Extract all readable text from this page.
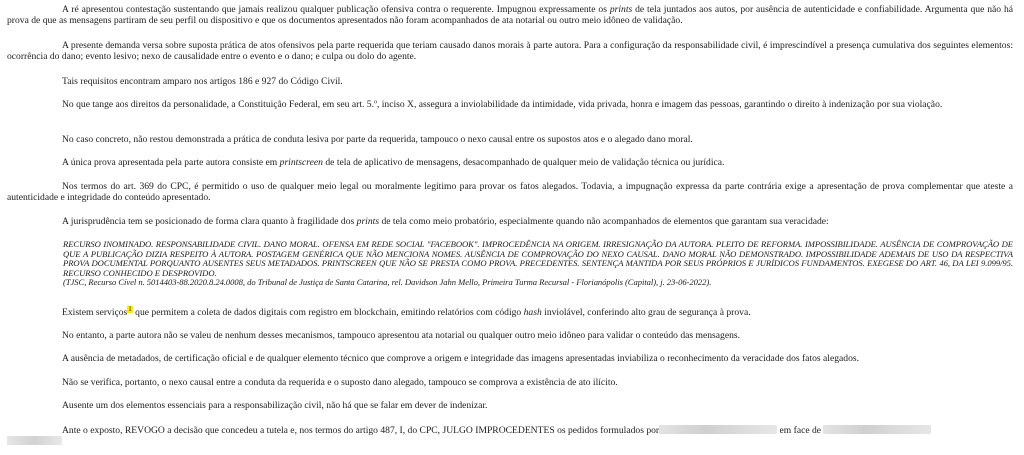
A ré apresentou contestação sustentando que jamais realizou qualquer publicação ofensiva contra o requerente. Impugnou expressamente os prints de tela juntados aos autos, por ausência de autenticidade e confiabilidade. Argumenta que não há prova de que as mensagens partiram de seu perfil ou dispositivo e que os documentos apresentados não foram acompanhados de ata notarial ou outro meio idôneo de validação.

A presente demanda versa sobre suposta prática de atos ofensivos pela parte requerida que teriam causado danos morais à parte autora. Para a configuração da responsabilidade civil, é imprescindível a presença cumulativa dos seguintes elementos: ocorrência do dano; evento lesivo; nexo de causalidade entre o evento e o dano; e culpa ou dolo do agente.

Tais requisitos encontram amparo nos artigos 186 e 927 do Código Civil.

No que tange aos direitos da personalidade, a Constituição Federal, em seu art. 5.º, inciso X, assegura a inviolabilidade da intimidade, vida privada, honra e imagem das pessoas, garantindo o direito à indenização por sua violação.

No caso concreto, não restou demonstrada a prática de conduta lesiva por parte da requerida, tampouco o nexo causal entre os supostos atos e o alegado dano moral.

A única prova apresentada pela parte autora consiste em printscreen de tela de aplicativo de mensagens, desacompanhado de qualquer meio de validação técnica ou jurídica.

Nos termos do art. 369 do CPC, é permitido o uso de qualquer meio legal ou moralmente legítimo para provar os fatos alegados. Todavia, a impugnação expressa da parte contrária exige a apresentação de prova complementar que ateste a autenticidade e integridade do conteúdo apresentado.

A jurisprudência tem se posicionado de forma clara quanto à fragilidade dos prints de tela como meio probatório, especialmente quando não acompanhados de elementos que garantam sua veracidade:

RECURSO INOMINADO. RESPONSABILIDADE CIVIL. DANO MORAL. OFENSA EM REDE SOCIAL "FACEBOOK". IMPROCEDÊNCIA NA ORIGEM. IRRESIGNAÇÃO DA AUTORA. PLEITO DE REFORMA. IMPOSSIBILIDADE. AUSÊNCIA DE COMPROVAÇÃO DE QUE A PUBLICAÇÃO DIZIA RESPEITO À AUTORA. POSTAGEM GENÉRICA QUE NÃO MENCIONA NOMES. AUSÊNCIA DE COMPROVAÇÃO DO NEXO CAUSAL. DANO MORAL NÃO DEMONSTRADO. IMPOSSIBILIDADE ADEMAIS DE USO DA RESPECTIVA PROVA DOCUMENTAL PORQUANTO AUSENTES SEUS METADADOS. PRINTSCREEN QUE NÃO SE PRESTA COMO PROVA. PRECEDENTES. SENTENÇA MANTIDA POR SEUS PRÓPRIOS E JURÍDICOS FUNDAMENTOS. EXEGESE DO ART. 46, DA LEI 9.099/95. RECURSO CONHECIDO E DESPROVIDO.
(TJSC, Recurso Cível n. 5014403-88.2020.8.24.0008, do Tribunal de Justiça de Santa Catarina, rel. Davidson Jahn Mello, Primeira Turma Recursal - Florianópolis (Capital), j. 23-06-2022).

Existem serviços1 que permitem a coleta de dados digitais com registro em blockchain, emitindo relatórios com código hash inviolável, conferindo alto grau de segurança à prova.

No entanto, a parte autora não se valeu de nenhum desses mecanismos, tampouco apresentou ata notarial ou qualquer outro meio idôneo para validar o conteúdo das mensagens.

A ausência de metadados, de certificação oficial e de qualquer elemento técnico que comprove a origem e integridade das imagens apresentadas inviabiliza o reconhecimento da veracidade dos fatos alegados.

Não se verifica, portanto, o nexo causal entre a conduta da requerida e o suposto dano alegado, tampouco se comprova a existência de ato ilícito.

Ausente um dos elementos essenciais para a responsabilização civil, não há que se falar em dever de indenizar.

Ante o exposto, REVOGO a decisão que concedeu a tutela e, nos termos do artigo 487, I, do CPC, JULGO IMPROCEDENTES os pedidos formulados por	em face de
